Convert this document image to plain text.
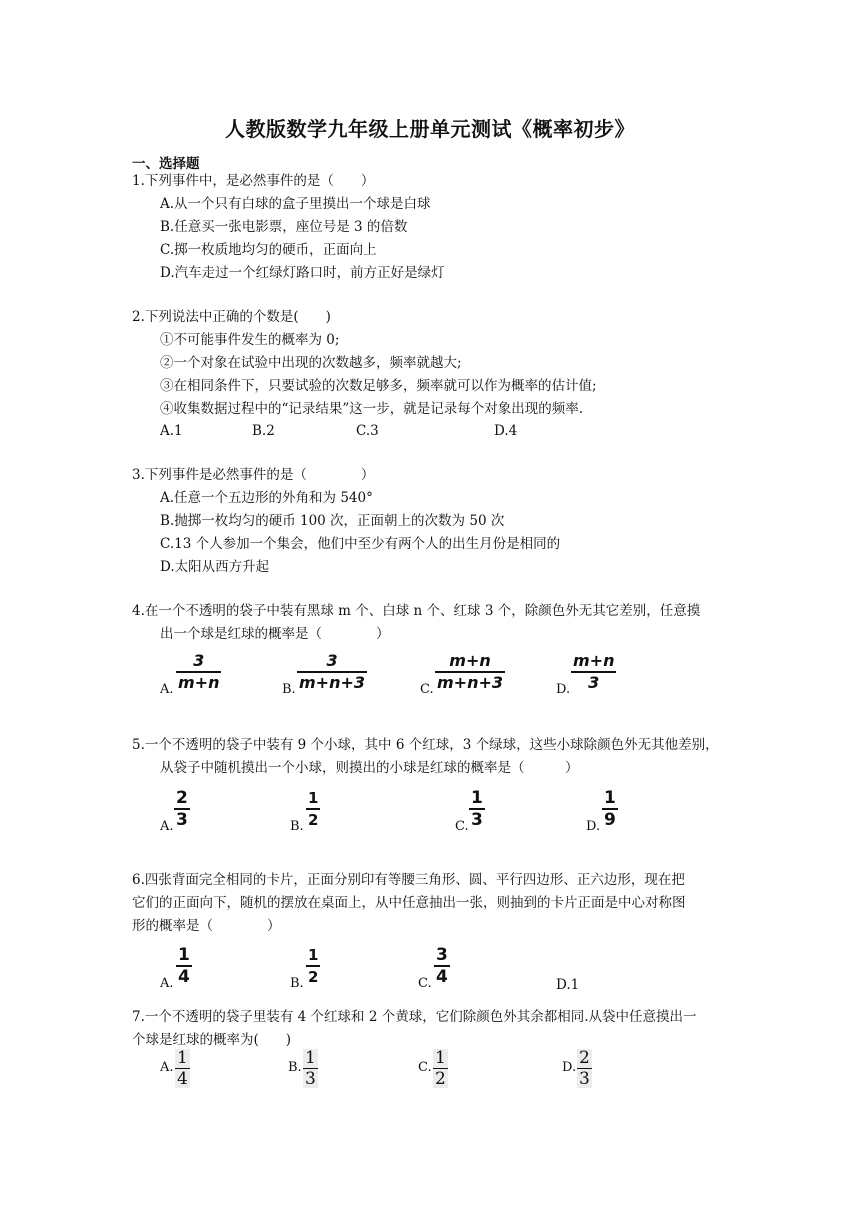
人教版数学九年级上册单元测试《概率初步》
一、选择题
1.下列事件中，是必然事件的是（　　）
A.从一个只有白球的盒子里摸出一个球是白球
B.任意买一张电影票，座位号是 3 的倍数
C.掷一枚质地均匀的硬币，正面向上
D.汽车走过一个红绿灯路口时，前方正好是绿灯
2.下列说法中正确的个数是(　　)
①不可能事件发生的概率为 0;
②一个对象在试验中出现的次数越多，频率就越大;
③在相同条件下，只要试验的次数足够多，频率就可以作为概率的估计值;
④收集数据过程中的“记录结果”这一步，就是记录每个对象出现的频率.
A.1	B.2	C.3	D.4
3.下列事件是必然事件的是（　　　　）
A.任意一个五边形的外角和为 540°
B.抛掷一枚均匀的硬币 100 次，正面朝上的次数为 50 次
C.13 个人参加一个集会，他们中至少有两个人的出生月份是相同的
D.太阳从西方升起
4.在一个不透明的袋子中装有黑球 m 个、白球 n 个、红球 3 个，除颜色外无其它差别，任意摸
出一个球是红球的概率是（　　　　）
A.
3
m+n	B.
3
m+n+3	C.
m+n
m+n+3	D.
m+n
3
5.一个不透明的袋子中装有 9 个小球，其中 6 个红球，3 个绿球，这些小球除颜色外无其他差别，
从袋子中随机摸出一个小球，则摸出的小球是红球的概率是（　　　）
A.
2
3	B.
1
2	C.
1
3	D.
1
9
6.四张背面完全相同的卡片，正面分别印有等腰三角形、圆、平行四边形、正六边形，现在把
它们的正面向下，随机的摆放在桌面上，从中任意抽出一张，则抽到的卡片正面是中心对称图
形的概率是（　　　　）
A.
1
4	B.
1
2	C.
3
4	D.1
7.一个不透明的袋子里装有 4 个红球和 2 个黄球，它们除颜色外其余都相同.从袋中任意摸出一
个球是红球的概率为(　　)
A. 1
4
B. 1
3
C. 1
2
D. 2
3
